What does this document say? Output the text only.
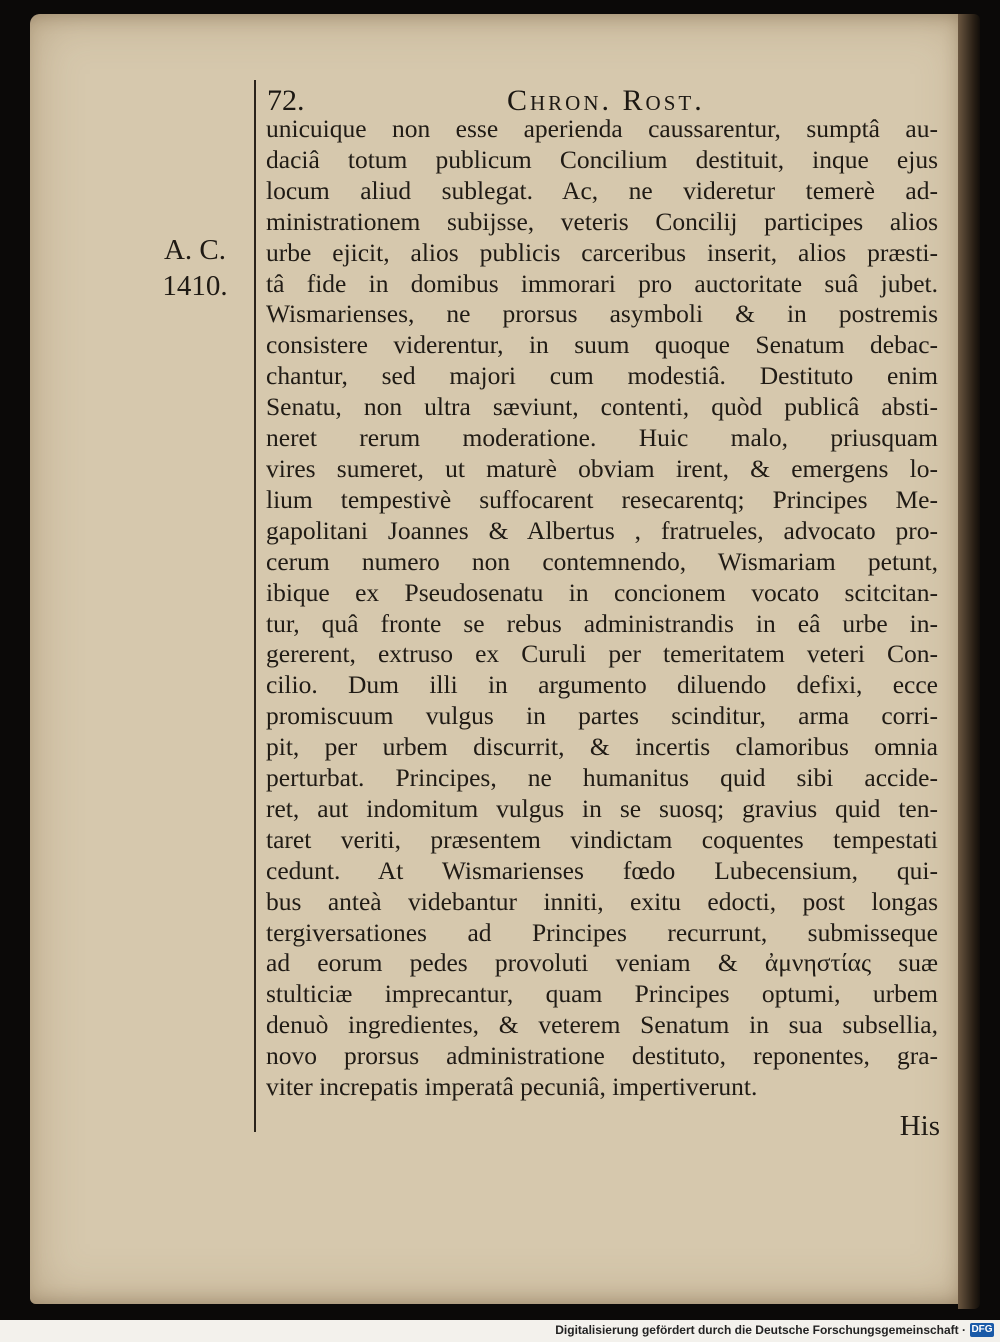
72.	Chron. Rost.
A. C.
1410.
unicuique non esse aperienda caussarentur, sumptâ au-
daciâ totum publicum Concilium destituit, inque ejus
locum aliud sublegat. Ac, ne videretur temerè ad-
ministrationem subijsse, veteris Concilij participes alios
urbe ejicit, alios publicis carceribus inserit, alios præsti-
tâ fide in domibus immorari pro auctoritate suâ jubet.
Wismarienses, ne prorsus asymboli & in postremis
consistere viderentur, in suum quoque Senatum debac-
chantur, sed majori cum modestiâ. Destituto enim
Senatu, non ultra sæviunt, contenti, quòd publicâ absti-
neret rerum moderatione. Huic malo, priusquam
vires sumeret, ut maturè obviam irent, & emergens lo-
lium tempestivè suffocarent resecarentq; Principes Me-
gapolitani Joannes & Albertus , fratrueles, advocato pro-
cerum numero non contemnendo, Wismariam petunt,
ibique ex Pseudosenatu in concionem vocato scitcitan-
tur, quâ fronte se rebus administrandis in eâ urbe in-
gererent, extruso ex Curuli per temeritatem veteri Con-
cilio. Dum illi in argumento diluendo defixi, ecce
promiscuum vulgus in partes scinditur, arma corri-
pit, per urbem discurrit, & incertis clamoribus omnia
perturbat. Principes, ne humanitus quid sibi accide-
ret, aut indomitum vulgus in se suosq; gravius quid ten-
taret veriti, præsentem vindictam coquentes tempestati
cedunt. At Wismarienses fœdo Lubecensium, qui-
bus anteà videbantur inniti, exitu edocti, post longas
tergiversationes ad Principes recurrunt, submisseque
ad eorum pedes provoluti veniam & ἀμνηστίας suæ
stulticiæ imprecantur, quam Principes optumi, urbem
denuò ingredientes, & veterem Senatum in sua subsellia,
novo prorsus administratione destituto, reponentes, gra-
viter increpatis imperatâ pecuniâ, impertiverunt.
His
Digitalisierung gefördert durch die Deutsche Forschungsgemeinschaft · DFG
